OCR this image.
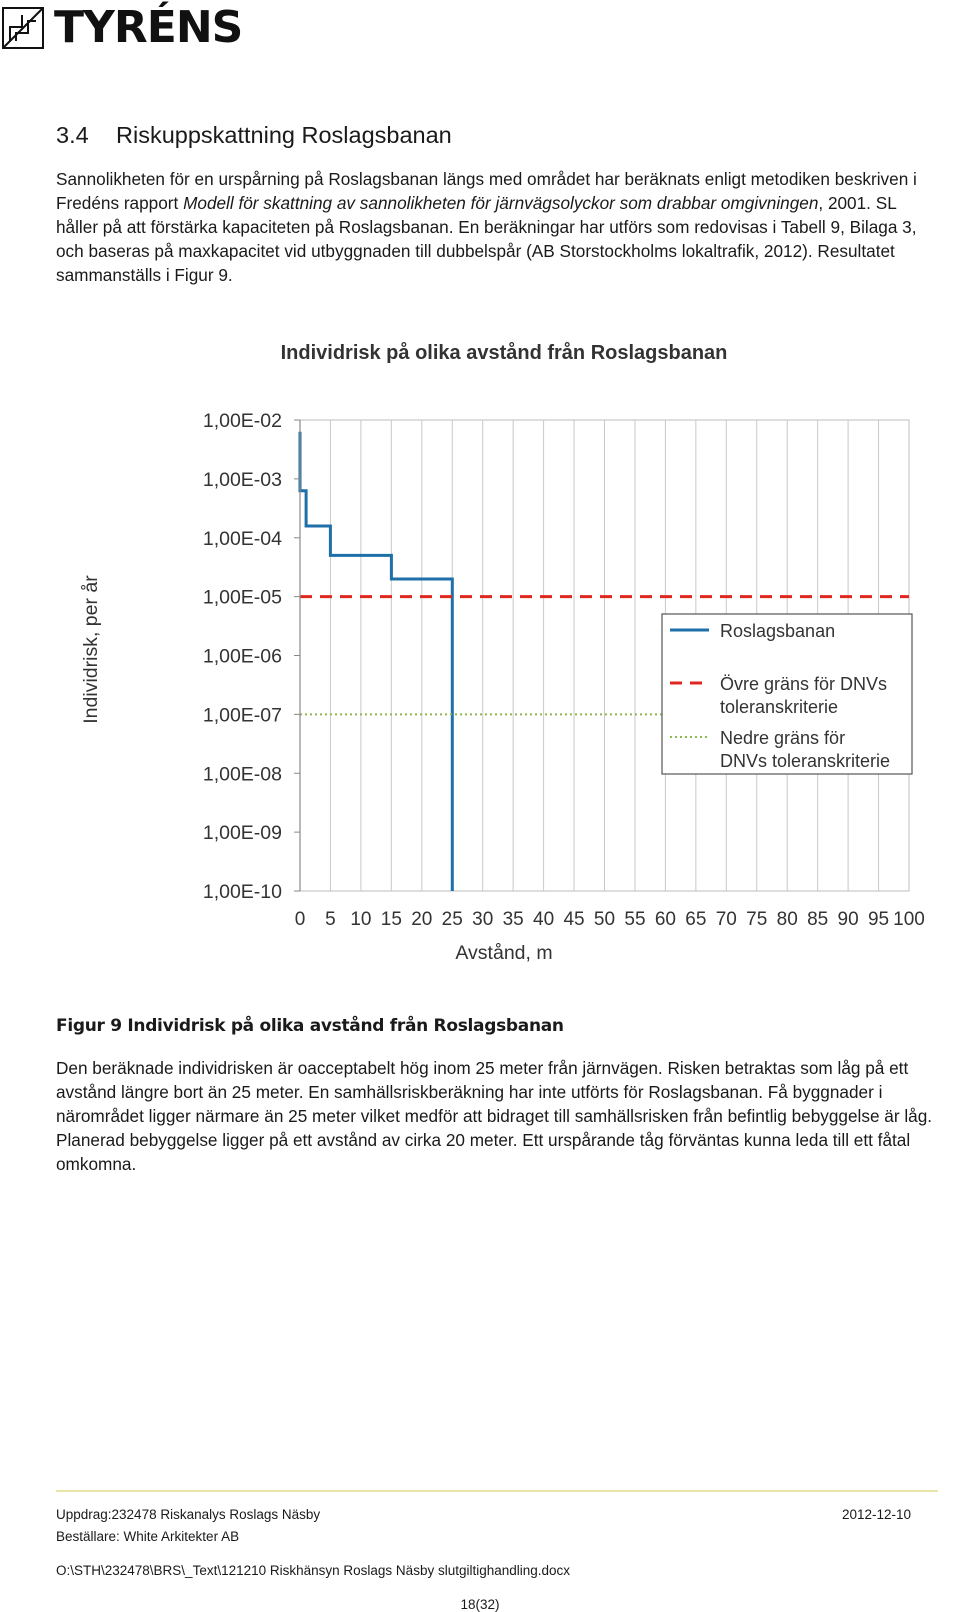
TYRÉNS
3.4 Riskuppskattning Roslagsbanan

Sannolikheten för en urspårning på Roslagsbanan längs med området har beräknats enligt metodiken beskriven i Fredéns rapport Modell för skattning av sannolikheten för järnvägsolyckor som drabbar omgivningen, 2001. SL håller på att förstärka kapaciteten på Roslagsbanan. En beräkningar har utförs som redovisas i Tabell 9, Bilaga 3, och baseras på maxkapacitet vid utbyggnaden till dubbelspår (AB Storstockholms lokaltrafik, 2012). Resultatet sammanställs i Figur 9.

Individrisk på olika avstånd från Roslagsbanan
0 5 10 15 20 25 30 35 40 45 50 55 60 65 70 75 80 85 90 95 100
1,00E-02
1,00E-03
1,00E-04
1,00E-05
1,00E-06
1,00E-07
1,00E-08
1,00E-09
1,00E-10
Avstånd, m
Individrisk, per år	Roslagsbanan
Övre gräns för DNVs
toleranskriterie
Nedre gräns för
DNVs toleranskriterie
Figur 9 Individrisk på olika avstånd från Roslagsbanan

Den beräknade individrisken är oacceptabelt hög inom 25 meter från järnvägen. Risken betraktas som låg på ett avstånd längre bort än 25 meter. En samhällsriskberäkning har inte utförts för Roslagsbanan. Få byggnader i närområdet ligger närmare än 25 meter vilket medför att bidraget till samhällsrisken från befintlig bebyggelse är låg. Planerad bebyggelse ligger på ett avstånd av cirka 20 meter. Ett urspårande tåg förväntas kunna leda till ett fåtal omkomna.

Uppdrag:232478 Riskanalys Roslags Näsby	2012-12-10
Beställare: White Arkitekter AB
O:\STH\232478\BRS\_Text\121210 Riskhänsyn Roslags Näsby slutgiltighandling.docx
18(32)
